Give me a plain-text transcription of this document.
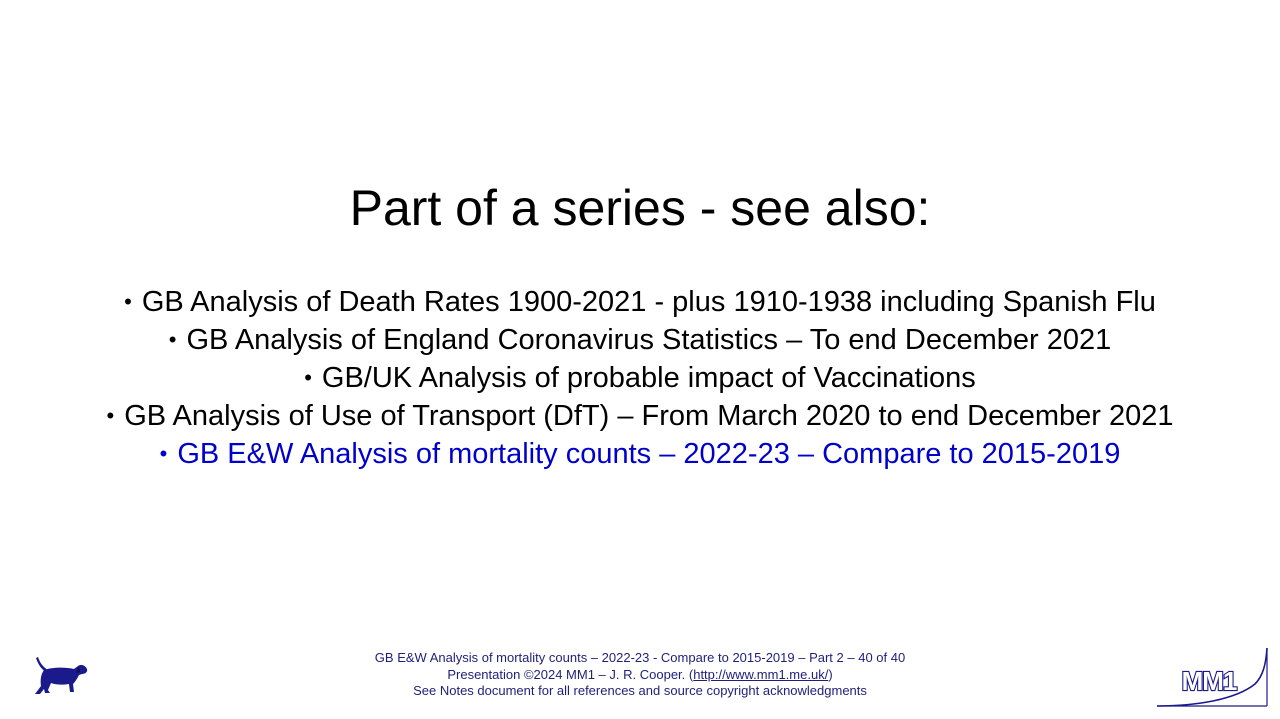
Part of a series - see also:
• GB Analysis of Death Rates 1900-2021 - plus 1910-1938 including Spanish Flu
• GB Analysis of England Coronavirus Statistics – To end December 2021
• GB/UK Analysis of probable impact of Vaccinations
• GB Analysis of Use of Transport (DfT) – From March 2020 to end December 2021
• GB E&W Analysis of mortality counts – 2022-23 – Compare to 2015-2019
MM1
GB E&W Analysis of mortality counts – 2022-23 - Compare to 2015-2019 – Part 2 – 40 of 40
Presentation ©2024 MM1 – J. R. Cooper. (http://www.mm1.me.uk/)
See Notes document for all references and source copyright acknowledgments
